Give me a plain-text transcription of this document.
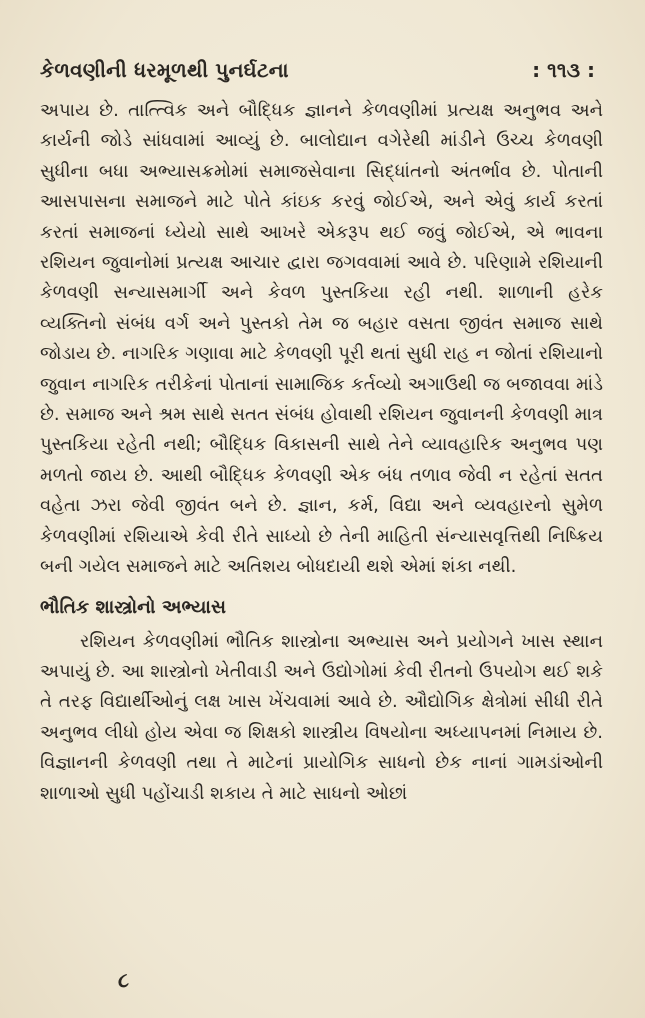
કેળવણીની ધરમૂળથી પુનર્ઘટના	: ૧૧૩ :

અપાય છે. તાત્ત્વિક અને બૌદ્ધિક જ્ઞાનને કેળવણીમાં પ્રત્યક્ષ અનુભવ અને કાર્યની જોડે સાંધવામાં આવ્યું છે. બાલોદ્યાન વગેરેથી માંડીને ઉચ્ચ કેળવણી સુધીના બધા અભ્યાસક્રમોમાં સમાજસેવાના સિદ્ધાંતનો અંતર્ભાવ છે. પોતાની આસપાસના સમાજને માટે પોતે કાંઇક કરવું જોઈએ, અને એવું કાર્ય કરતાં કરતાં સમાજનાં ધ્યેયો સાથે આખરે એકરૂપ થઈ જવું જોઈએ, એ ભાવના રશિયન જુવાનોમાં પ્રત્યક્ષ આચાર દ્વારા જગવવામાં આવે છે. પરિણામે રશિયાની કેળવણી સન્યાસમાર્ગી અને કેવળ પુસ્તકિયા રહી નથી. શાળાની હરેક વ્યક્તિનો સંબંધ વર્ગ અને પુસ્તકો તેમ જ બહાર વસતા જીવંત સમાજ સાથે જોડાય છે. નાગરિક ગણાવા માટે કેળવણી પૂરી થતાં સુધી રાહ ન જોતાં રશિયાનો જુવાન નાગરિક તરીકેનાં પોતાનાં સામાજિક કર્તવ્યો અગાઉથી જ બજાવવા માંડે છે. સમાજ અને શ્રમ સાથે સતત સંબંધ હોવાથી રશિયન જુવાનની કેળવણી માત્ર પુસ્તકિયા રહેતી નથી; બૌદ્ધિક વિકાસની સાથે તેને વ્યાવહારિક અનુભવ પણ મળતો જાય છે. આથી બૌદ્ધિક કેળવણી એક બંધ તળાવ જેવી ન રહેતાં સતત વહેતા ઝરા જેવી જીવંત બને છે. જ્ઞાન, કર્મ, વિદ્યા અને વ્યવહારનો સુમેળ કેળવણીમાં રશિયાએ કેવી રીતે સાધ્યો છે તેની માહિતી સંન્યાસવૃત્તિથી નિષ્ક્રિય બની ગયેલ સમાજને માટે અતિશય બોધદાયી થશે એમાં શંકા નથી.

ભૌતિક શાસ્ત્રોનો અભ્યાસ

રશિયન કેળવણીમાં ભૌતિક શાસ્ત્રોના અભ્યાસ અને પ્રયોગને ખાસ સ્થાન અપાયું છે. આ શાસ્ત્રોનો ખેતીવાડી અને ઉદ્યોગોમાં કેવી રીતનો ઉપયોગ થઈ શકે તે તરફ વિદ્યાર્થીઓનું લક્ષ ખાસ ખેંચવામાં આવે છે. ઔદ્યોગિક ક્ષેત્રોમાં સીધી રીતે અનુભવ લીધો હોય એવા જ શિક્ષકો શાસ્ત્રીય વિષયોના અધ્યાપનમાં નિમાય છે. વિજ્ઞાનની કેળવણી તથા તે માટેનાં પ્રાયોગિક સાધનો છેક નાનાં ગામડાંઓની શાળાઓ સુધી પહોંચાડી શકાય તે માટે સાધનો ઓછાં

૮
